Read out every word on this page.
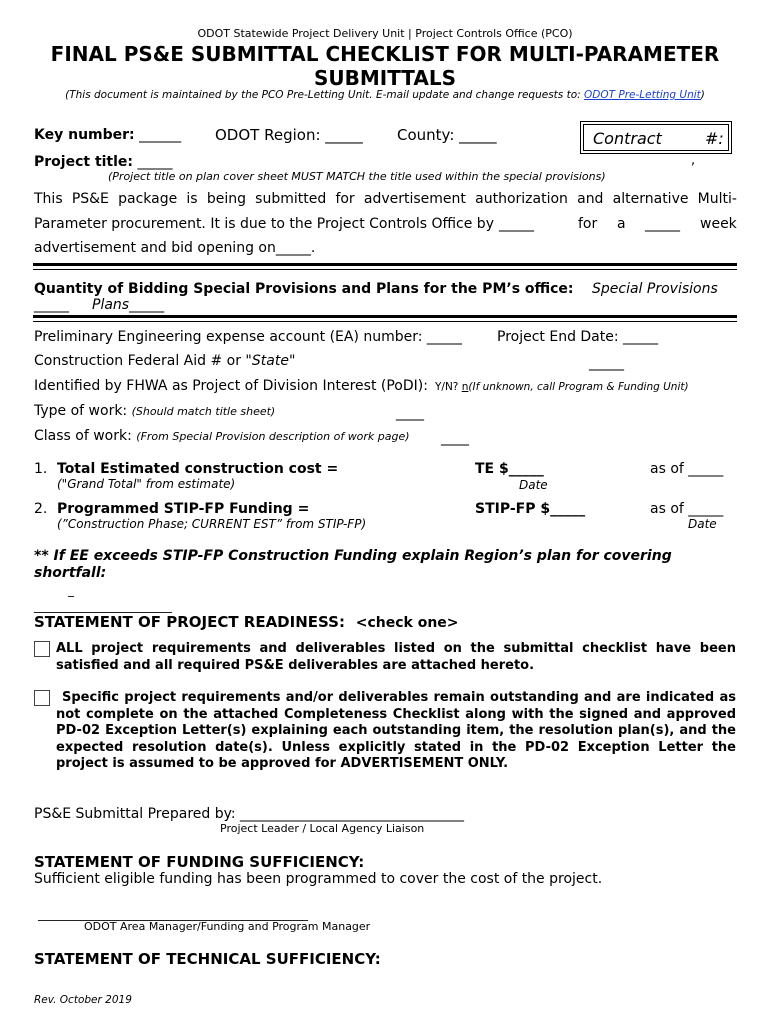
ODOT Statewide Project Delivery Unit | Project Controls Office (PCO)
FINAL PS&E SUBMITTAL CHECKLIST FOR MULTI-PARAMETER
SUBMITTALS
(This document is maintained by the PCO Pre-Letting Unit. E-mail update and change requests to: ODOT Pre-Letting Unit)
Key number: ______ ODOT Region: _____ County: _____	Contract	#:
Project title: _____	,
(Project title on plan cover sheet MUST MATCH the title used within the special provisions)
This PS&E package is being submitted for advertisement authorization and alternative Multi-
Parameter procurement. It is due to the Project Controls Office by _____	for a _____ week
advertisement and bid opening on_____.
Quantity of Bidding Special Provisions and Plans for the PM’s office: Special Provisions
_____ Plans_____
Preliminary Engineering expense account (EA) number: _____	Project End Date: _____
Construction Federal Aid # or "State"	_____
Identified by FHWA as Project of Division Interest (PoDI): Y/N? n(If unknown, call Program & Funding Unit)
Type of work: (Should match title sheet)	____
Class of work: (From Special Provision description of work page) ____
1. Total Estimated construction cost =
("Grand Total" from estimate)
TE $_____
Date
as of _____
2. Programmed STIP-FP Funding =
(”Construction Phase; CURRENT EST” from STIP-FP)
STIP-FP $_____	as of _____
Date
** If EE exceeds STIP-FP Construction Funding explain Region’s plan for covering
shortfall:
_
_______________________
STATEMENT OF PROJECT READINESS: <check one>
ALL project requirements and deliverables listed on the submittal checklist have been satisfied and all required PS&E deliverables are attached hereto.
Specific project requirements and/or deliverables remain outstanding and are indicated as not complete on the attached Completeness Checklist along with the signed and approved PD-02 Exception Letter(s) explaining each outstanding item, the resolution plan(s), and the expected resolution date(s). Unless explicitly stated in the PD-02 Exception Letter the project is assumed to be approved for ADVERTISEMENT ONLY.
PS&E Submittal Prepared by: ________________________________
Project Leader / Local Agency Liaison
STATEMENT OF FUNDING SUFFICIENCY:
Sufficient eligible funding has been programmed to cover the cost of the project.
_____________________________________________
ODOT Area Manager/Funding and Program Manager
STATEMENT OF TECHNICAL SUFFICIENCY:
Rev. October 2019
